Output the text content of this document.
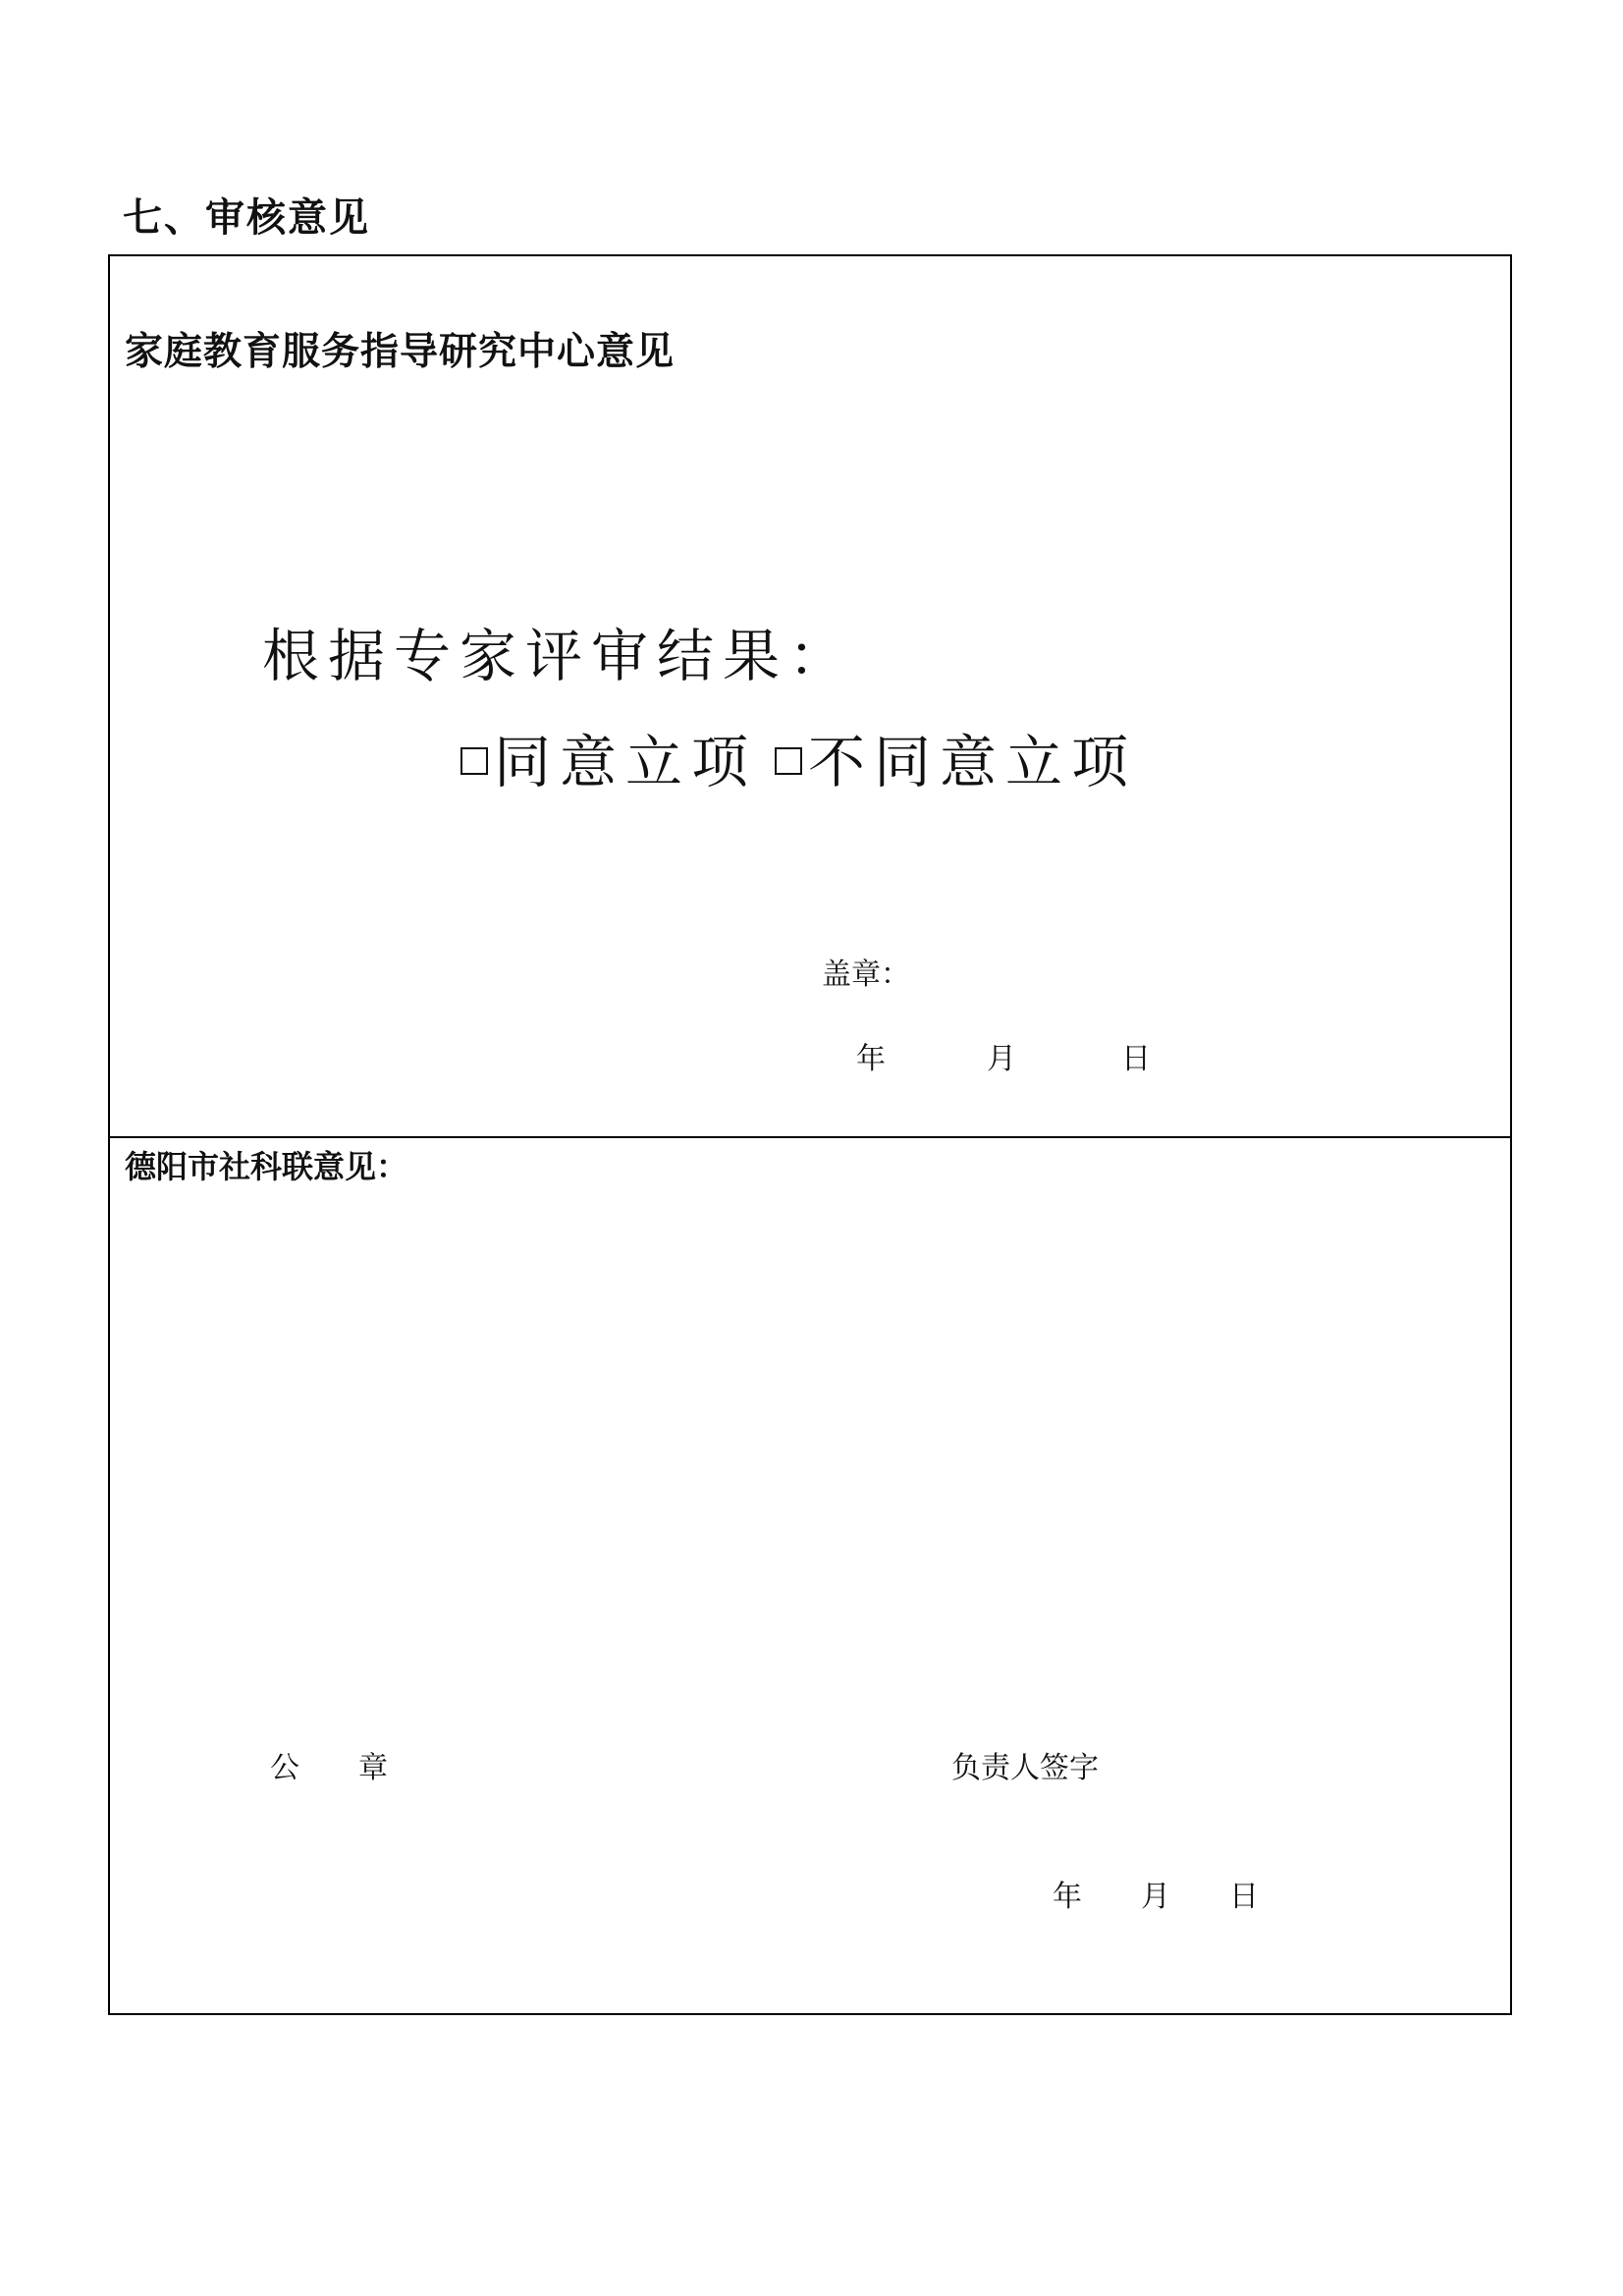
七、审核意见
家庭教育服务指导研究中心意见
根据专家评审结果：
同意立项 不同意立项
盖章：
年	月	日
德阳市社科联意见：
公　　章	负责人签字
年 月 日
